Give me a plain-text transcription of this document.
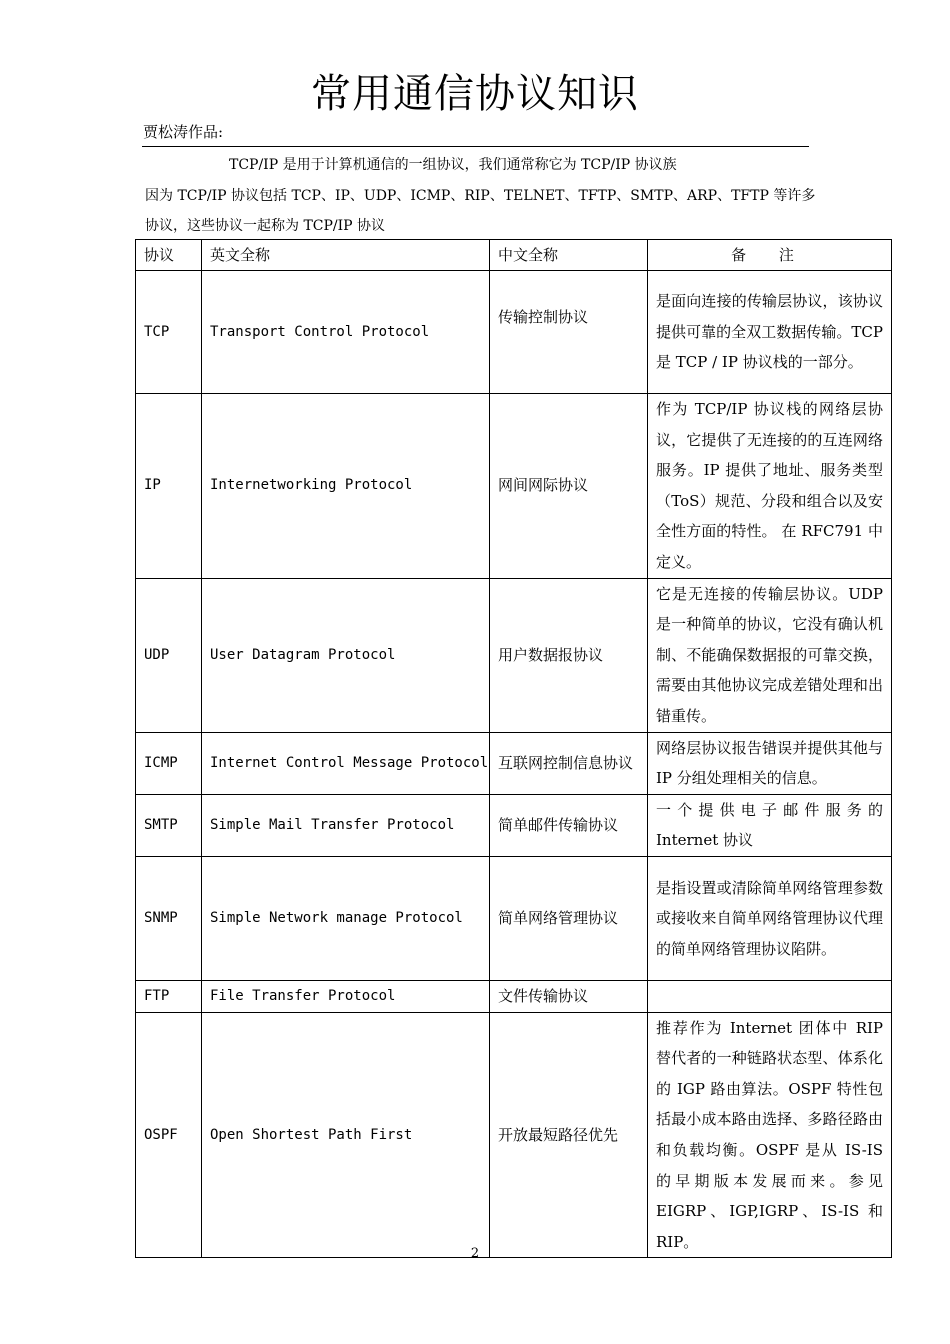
常用通信协议知识
贾松涛作品:
TCP/IP 是用于计算机通信的一组协议，我们通常称它为 TCP/IP 协议族
因为 TCP/IP 协议包括 TCP、IP、UDP、ICMP、RIP、TELNET、TFTP、SMTP、ARP、TFTP 等许多
协议，这些协议一起称为 TCP/IP 协议
协议	英文全称	中文全称	备 注
TCP	Transport Control Protocol	传输控制协议	是面向连接的传输层协议，该协议提供可靠的全双工数据传输。TCP 是 TCP / IP 协议栈的一部分。
IP	Internetworking Protocol	网间网际协议	作为 TCP/IP 协议栈的网络层协议，它提供了无连接的的互连网络服务。IP 提供了地址、服务类型（ToS）规范、分段和组合以及安全性方面的特性。 在 RFC791 中定义。
UDP	User Datagram Protocol	用户数据报协议	它是无连接的传输层协议。UDP 是一种简单的协议，它没有确认机制、不能确保数据报的可靠交换，需要由其他协议完成差错处理和出错重传。
ICMP	Internet Control Message Protocol	互联网控制信息协议	网络层协议报告错误并提供其他与 IP 分组处理相关的信息。
SMTP	Simple Mail Transfer Protocol	简单邮件传输协议	一个提供电子邮件服务的 Internet 协议
SNMP	Simple Network manage Protocol	简单网络管理协议	是指设置或清除简单网络管理参数或接收来自简单网络管理协议代理的简单网络管理协议陷阱。
FTP	File Transfer Protocol	文件传输协议	
OSPF	Open Shortest Path First	开放最短路径优先	推荐作为 Internet 团体中 RIP 替代者的一种链路状态型、体系化的 IGP 路由算法。OSPF 特性包括最小成本路由选择、多路径路由和负载均衡。OSPF 是从 IS-IS 的早期版本发展而来。参见 EIGRP、IGP,IGRP、IS-IS 和 RIP。
2
